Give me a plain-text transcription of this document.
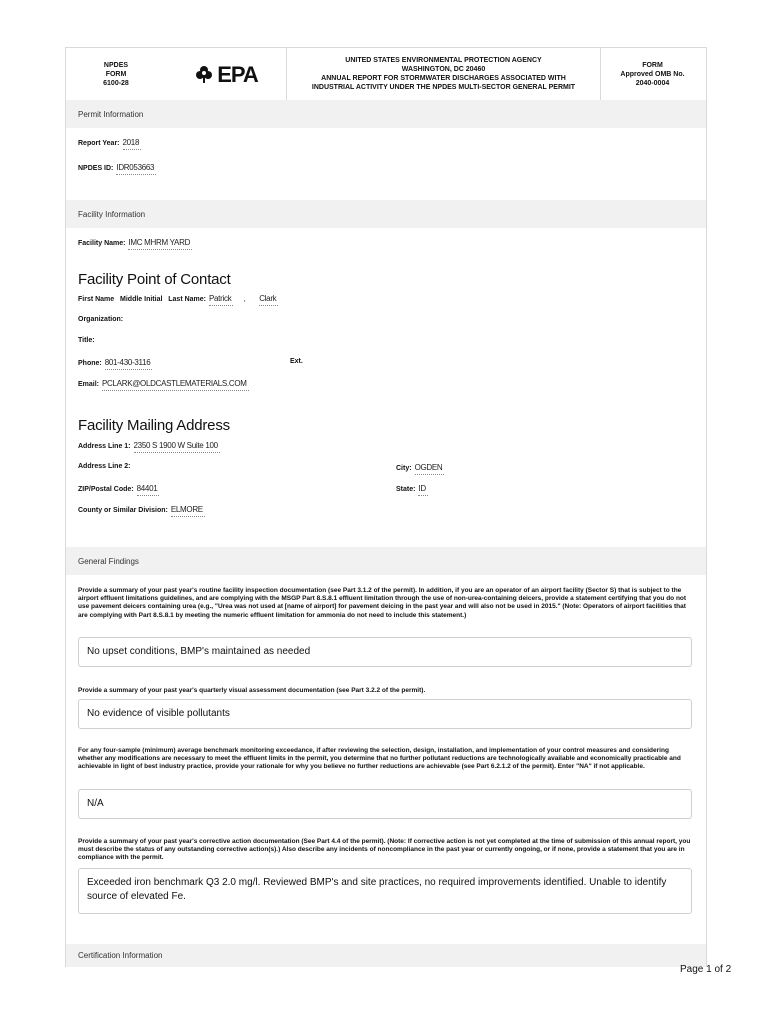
NPDES
FORM
6100-28	EPA
UNITED STATES ENVIRONMENTAL PROTECTION AGENCY
WASHINGTON, DC 20460
ANNUAL REPORT FOR STORMWATER DISCHARGES ASSOCIATED WITH
INDUSTRIAL ACTIVITY UNDER THE NPDES MULTI-SECTOR GENERAL PERMIT
FORM
Approved OMB No.
2040-0004
Permit Information
Report Year: 2018
NPDES ID: IDR053663
Facility Information
Facility Name: IMC MHRM YARD
Facility Point of Contact
First Name Middle Initial Last Name: Patrick , Clark
Organization:
Title:
Phone: 801-430-3116	Ext.
Email: PCLARK@OLDCASTLEMATERIALS.COM
Facility Mailing Address
Address Line 1: 2350 S 1900 W Suite 100
Address Line 2:	City: OGDEN
ZIP/Postal Code: 84401	State: ID
County or Similar Division: ELMORE
General Findings
Provide a summary of your past year's routine facility inspection documentation (see Part 3.1.2 of the permit). In addition, if you are an operator of an airport facility (Sector S) that is subject to the airport effluent limitations guidelines, and are complying with the MSGP Part 8.S.8.1 effluent limitation through the use of non-urea-containing deicers, provide a statement certifying that you do not use pavement deicers containing urea (e.g., "Urea was not used at [name of airport] for pavement deicing in the past year and will also not be used in 2015." (Note: Operators of airport facilities that are complying with Part 8.S.8.1 by meeting the numeric effluent limitation for ammonia do not need to include this statement.)
No upset conditions, BMP's maintained as needed
Provide a summary of your past year's quarterly visual assessment documentation (see Part 3.2.2 of the permit).
No evidence of visible pollutants
For any four-sample (minimum) average benchmark monitoring exceedance, if after reviewing the selection, design, installation, and implementation of your control measures and considering whether any modifications are necessary to meet the effluent limits in the permit, you determine that no further pollutant reductions are technologically available and economically practicable and achievable in light of best industry practice, provide your rationale for why you believe no further reductions are achievable (see Part 6.2.1.2 of the permit). Enter "NA" if not applicable.
N/A
Provide a summary of your past year's corrective action documentation (See Part 4.4 of the permit). (Note: If corrective action is not yet completed at the time of submission of this annual report, you must describe the status of any outstanding corrective action(s).) Also describe any incidents of noncompliance in the past year or currently ongoing, or if none, provide a statement that you are in compliance with the permit.
Exceeded iron benchmark Q3 2.0 mg/l. Reviewed BMP's and site practices, no required improvements identified. Unable to identify source of elevated Fe.
Certification Information
Page 1 of 2
